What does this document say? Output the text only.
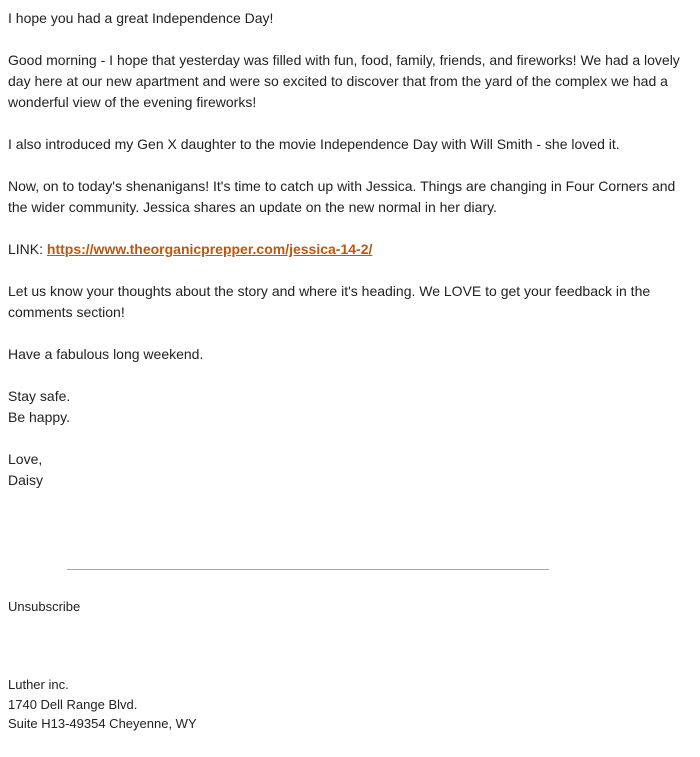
I hope you had a great Independence Day!

Good morning - I hope that yesterday was filled with fun, food, family, friends, and fireworks! We had a lovely day here at our new apartment and were so excited to discover that from the yard of the complex we had a wonderful view of the evening fireworks!

I also introduced my Gen X daughter to the movie Independence Day with Will Smith - she loved it.

Now, on to today's shenanigans! It's time to catch up with Jessica. Things are changing in Four Corners and the wider community. Jessica shares an update on the new normal in her diary.

LINK: https://www.theorganicprepper.com/jessica-14-2/

Let us know your thoughts about the story and where it's heading. We LOVE to get your feedback in the comments section!

Have a fabulous long weekend.

Stay safe.
Be happy.

Love,
Daisy

Unsubscribe
Luther inc.
1740 Dell Range Blvd.
Suite H13-49354 Cheyenne, WY
